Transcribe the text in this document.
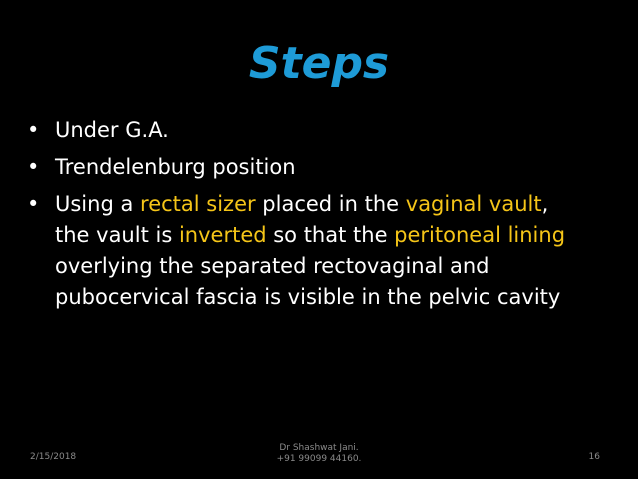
Steps
• Under G.A.
• Trendelenburg position
• Using a rectal sizer placed in the vaginal vault, the vault is inverted so that the peritoneal lining overlying the separated rectovaginal and pubocervical fascia is visible in the pelvic cavity
2/15/2018
Dr Shashwat Jani.
+91 99099 44160.	16
